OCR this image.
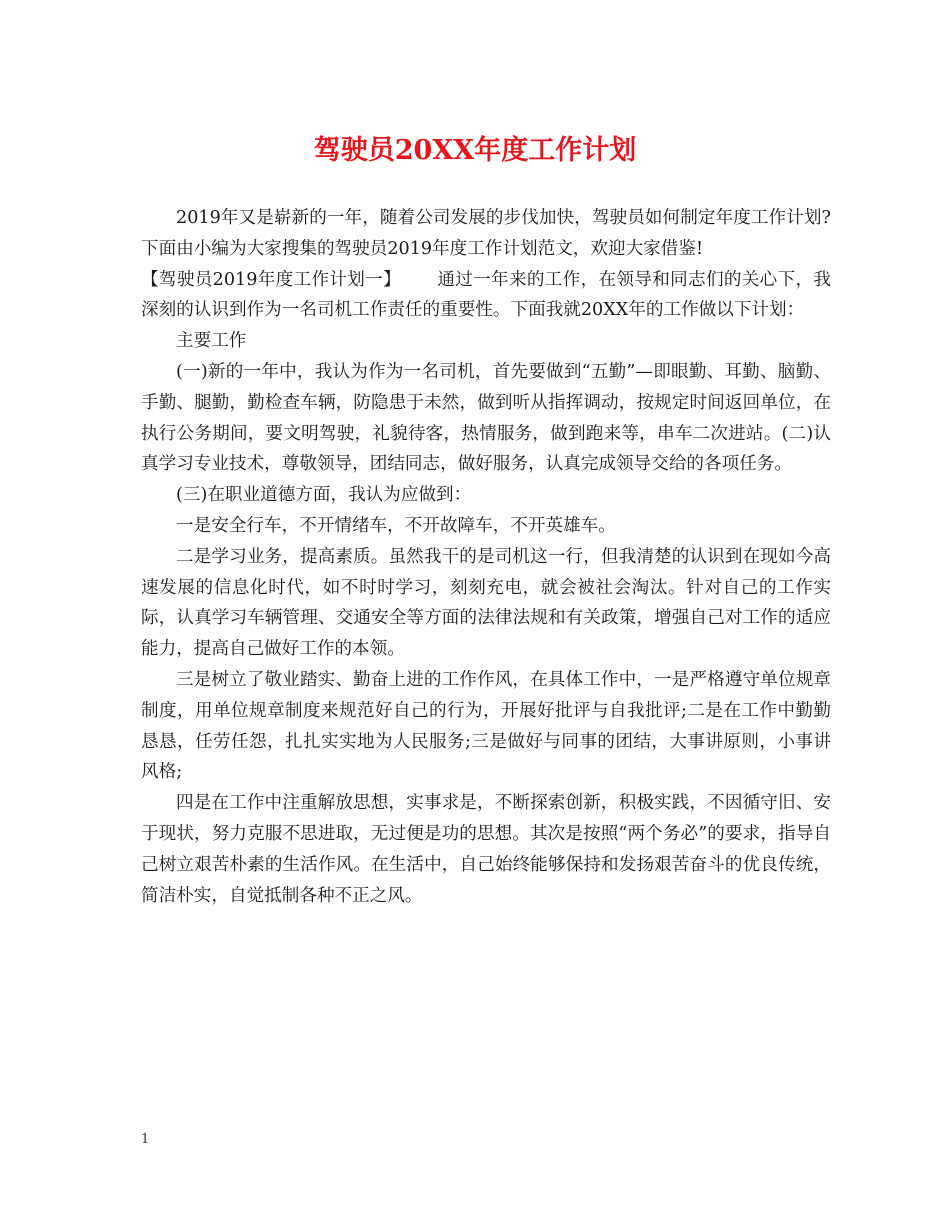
驾驶员20XX年度工作计划

2019年又是崭新的一年，随着公司发展的步伐加快，驾驶员如何制定年度工作计划?下面由小编为大家搜集的驾驶员2019年度工作计划范文，欢迎大家借鉴!

【驾驶员2019年度工作计划一】 通过一年来的工作，在领导和同志们的关心下，我深刻的认识到作为一名司机工作责任的重要性。下面我就20XX年的工作做以下计划：

主要工作

(一)新的一年中，我认为作为一名司机，首先要做到“五勤”—即眼勤、耳勤、脑勤、手勤、腿勤，勤检查车辆，防隐患于未然，做到听从指挥调动，按规定时间返回单位，在执行公务期间，要文明驾驶，礼貌待客，热情服务，做到跑来等，串车二次进站。(二)认真学习专业技术，尊敬领导，团结同志，做好服务，认真完成领导交给的各项任务。

(三)在职业道德方面，我认为应做到：

一是安全行车，不开情绪车，不开故障车，不开英雄车。

二是学习业务，提高素质。虽然我干的是司机这一行，但我清楚的认识到在现如今高速发展的信息化时代，如不时时学习，刻刻充电，就会被社会淘汰。针对自己的工作实际，认真学习车辆管理、交通安全等方面的法律法规和有关政策，增强自己对工作的适应能力，提高自己做好工作的本领。

三是树立了敬业踏实、勤奋上进的工作作风，在具体工作中，一是严格遵守单位规章制度，用单位规章制度来规范好自己的行为，开展好批评与自我批评;二是在工作中勤勤恳恳，任劳任怨，扎扎实实地为人民服务;三是做好与同事的团结，大事讲原则，小事讲风格;

四是在工作中注重解放思想，实事求是，不断探索创新，积极实践，不因循守旧、安于现状，努力克服不思进取，无过便是功的思想。其次是按照“两个务必”的要求，指导自己树立艰苦朴素的生活作风。在生活中，自己始终能够保持和发扬艰苦奋斗的优良传统，简洁朴实，自觉抵制各种不正之风。

1
